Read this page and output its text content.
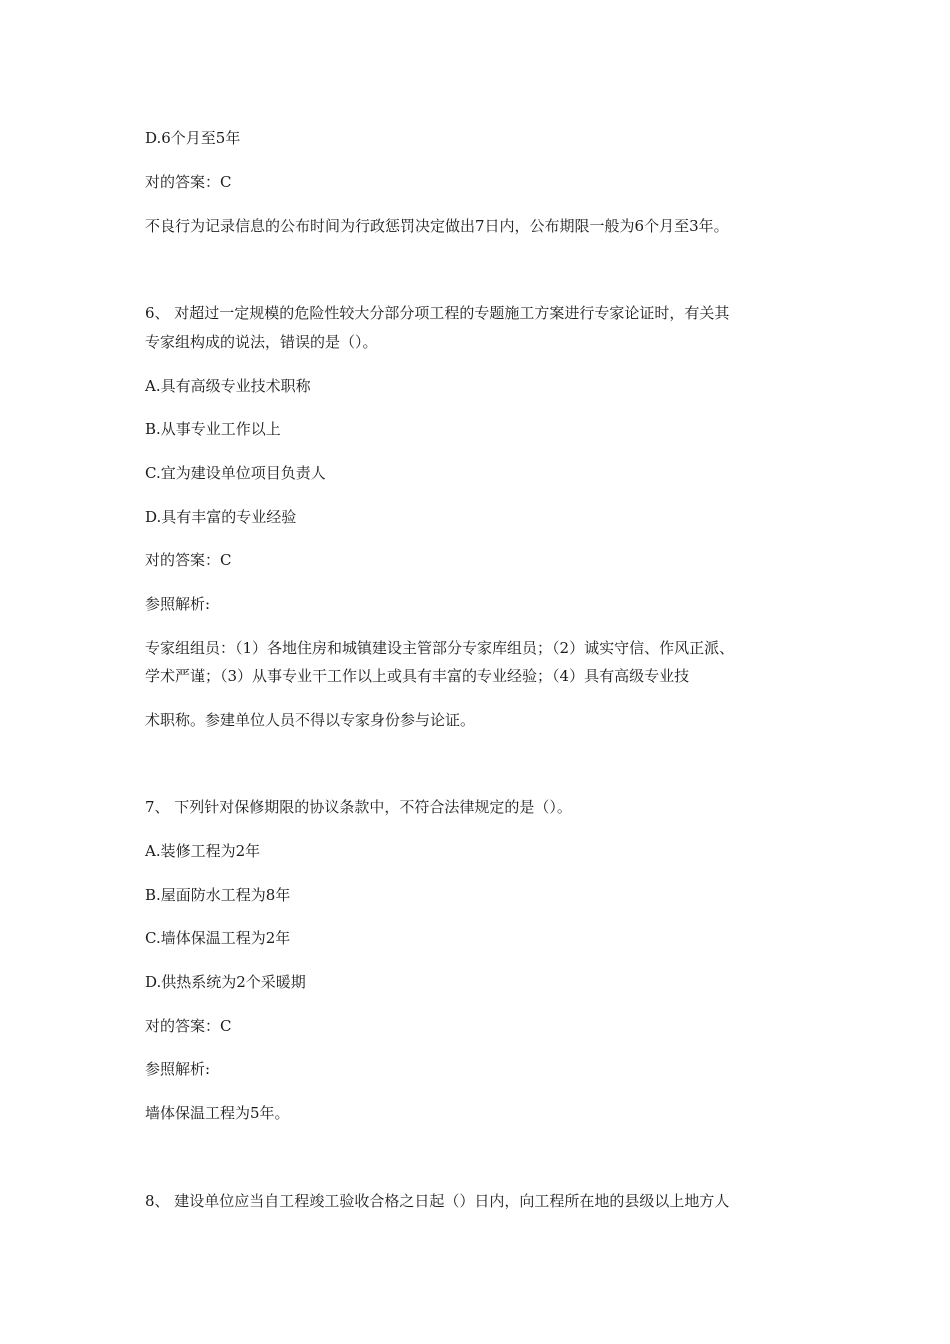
D.6个月至5年
对的答案：C
不良行为记录信息的公布时间为行政惩罚决定做出7日内，公布期限一般为6个月至3年。
6、 对超过一定规模的危险性较大分部分项工程的专题施工方案进行专家论证时，有关其
专家组构成的说法，错误的是（）。
A.具有高级专业技术职称
B.从事专业工作以上
C.宜为建设单位项目负责人
D.具有丰富的专业经验
对的答案：C
参照解析:
专家组组员：（1）各地住房和城镇建设主管部分专家库组员；（2）诚实守信、作风正派、
学术严谨；（3）从事专业干工作以上或具有丰富的专业经验；（4）具有高级专业技
术职称。参建单位人员不得以专家身份参与论证。
7、 下列针对保修期限的协议条款中，不符合法律规定的是（）。
A.装修工程为2年
B.屋面防水工程为8年
C.墙体保温工程为2年
D.供热系统为2个采暖期
对的答案：C
参照解析:
墙体保温工程为5年。
8、 建设单位应当自工程竣工验收合格之日起（）日内，向工程所在地的县级以上地方人
